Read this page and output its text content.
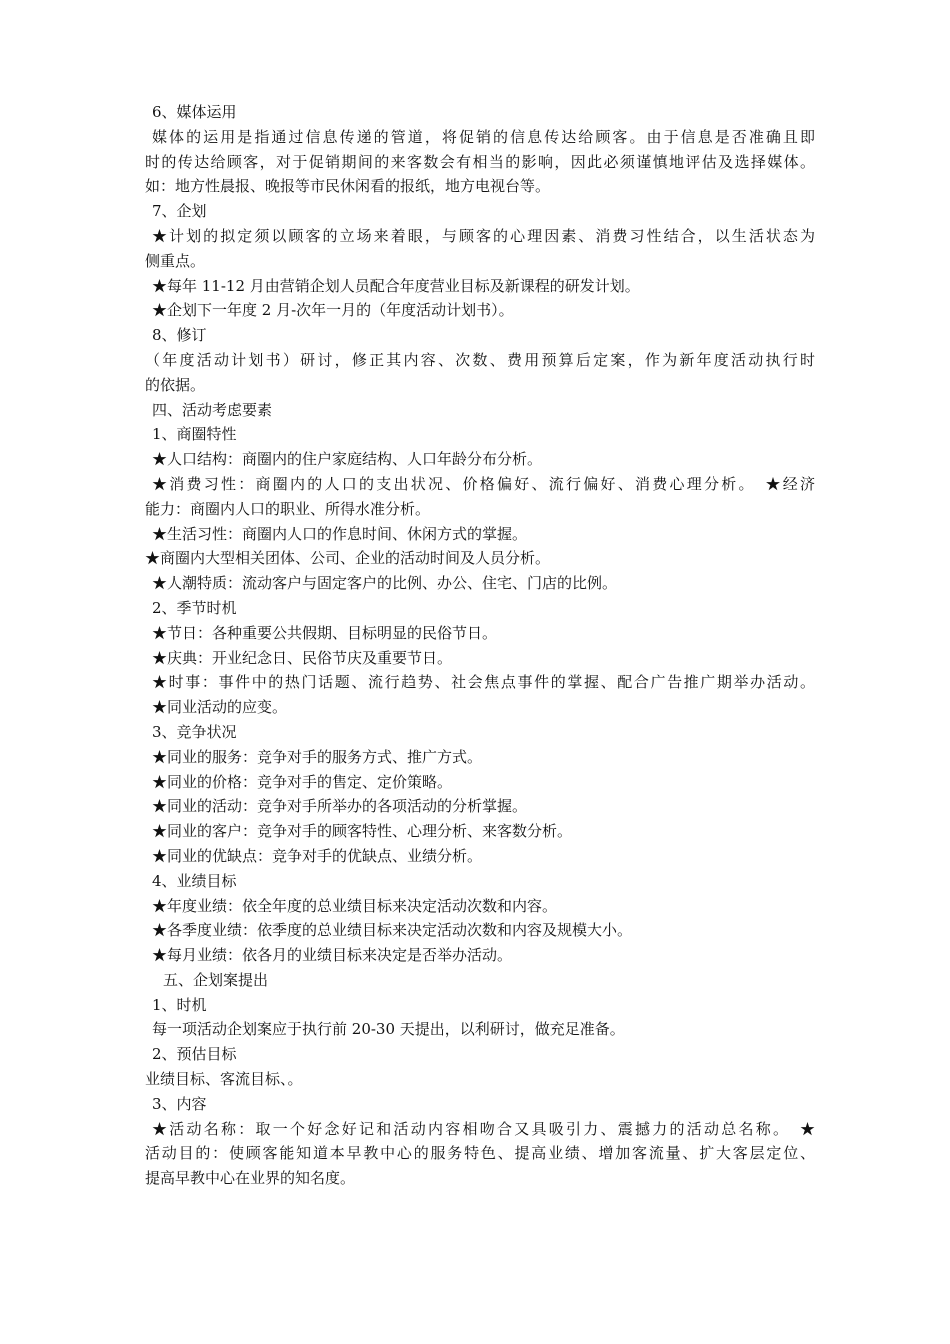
6、媒体运用
媒体的运用是指通过信息传递的管道，将促销的信息传达给顾客。由于信息是否准确且即
时的传达给顾客，对于促销期间的来客数会有相当的影响，因此必须谨慎地评估及选择媒体。
如：地方性晨报、晚报等市民休闲看的报纸，地方电视台等。
7、企划
★计划的拟定须以顾客的立场来着眼，与顾客的心理因素、消费习性结合，以生活状态为
侧重点。
★每年 11-12 月由营销企划人员配合年度营业目标及新课程的研发计划。
★企划下一年度 2 月-次年一月的（年度活动计划书）。
8、修订
（年度活动计划书）研讨，修正其内容、次数、费用预算后定案，作为新年度活动执行时
的依据。
四、活动考虑要素
1、商圈特性
★人口结构：商圈内的住户家庭结构、人口年龄分布分析。
★消费习性：商圈内的人口的支出状况、价格偏好、流行偏好、消费心理分析。　★经济
能力：商圈内人口的职业、所得水准分析。
★生活习性：商圈内人口的作息时间、休闲方式的掌握。
★商圈内大型相关团体、公司、企业的活动时间及人员分析。
★人潮特质：流动客户与固定客户的比例、办公、住宅、门店的比例。
2、季节时机
★节日：各种重要公共假期、目标明显的民俗节日。
★庆典：开业纪念日、民俗节庆及重要节日。
★时事：事件中的热门话题、流行趋势、社会焦点事件的掌握、配合广告推广期举办活动。
★同业活动的应变。
3、竞争状况
★同业的服务：竞争对手的服务方式、推广方式。
★同业的价格：竞争对手的售定、定价策略。
★同业的活动：竞争对手所举办的各项活动的分析掌握。
★同业的客户：竞争对手的顾客特性、心理分析、来客数分析。
★同业的优缺点：竞争对手的优缺点、业绩分析。
4、业绩目标
★年度业绩：依全年度的总业绩目标来决定活动次数和内容。
★各季度业绩：依季度的总业绩目标来决定活动次数和内容及规模大小。
★每月业绩：依各月的业绩目标来决定是否举办活动。
五、企划案提出
1、时机
每一项活动企划案应于执行前 20-30 天提出，以利研讨，做充足准备。
2、预估目标
业绩目标、客流目标、。
3、内容
★活动名称：取一个好念好记和活动内容相吻合又具吸引力、震撼力的活动总名称。　★
活动目的：使顾客能知道本早教中心的服务特色、提高业绩、增加客流量、扩大客层定位、
提高早教中心在业界的知名度。
